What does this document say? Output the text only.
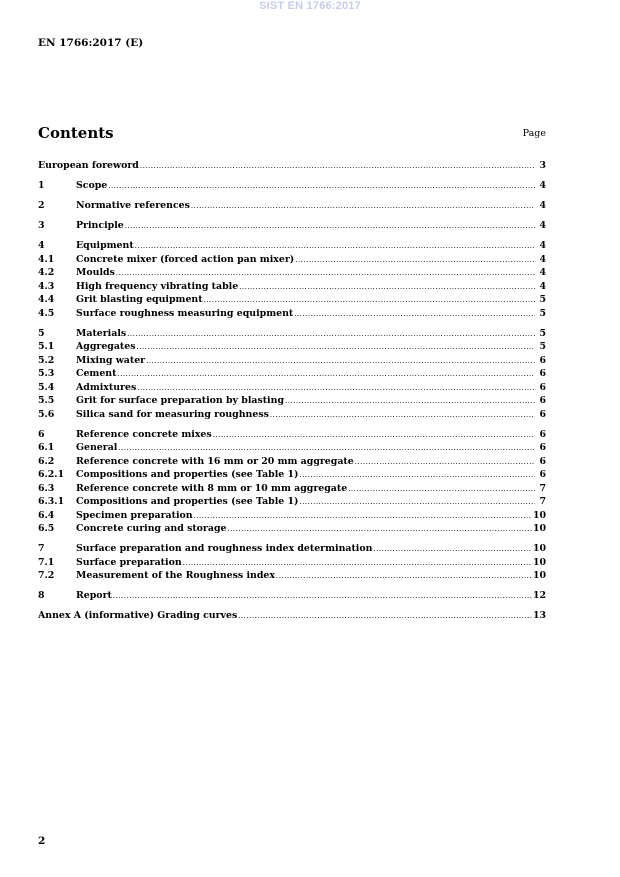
SIST EN 1766:2017
EN 1766:2017 (E)
Contents	Page
European foreword .....	3
1	Scope .....	4
2	Normative references .....	4
3	Principle .....	4
4	Equipment .....	4
4.1	Concrete mixer (forced action pan mixer) .....	4
4.2	Moulds .....	4
4.3	High frequency vibrating table .....	4
4.4	Grit blasting equipment .....	5
4.5	Surface roughness measuring equipment .....	5
5	Materials .....	5
5.1	Aggregates .....	5
5.2	Mixing water .....	6
5.3	Cement .....	6
5.4	Admixtures .....	6
5.5	Grit for surface preparation by blasting .....	6
5.6	Silica sand for measuring roughness .....	6
6	Reference concrete mixes .....	6
6.1	General .....	6
6.2	Reference concrete with 16 mm or 20 mm aggregate .....	6
6.2.1	Compositions and properties (see Table 1) .....	6
6.3	Reference concrete with 8 mm or 10 mm aggregate .....	7
6.3.1	Compositions and properties (see Table 1) .....	7
6.4	Specimen preparation .....	10
6.5	Concrete curing and storage .....	10
7	Surface preparation and roughness index determination .....	10
7.1	Surface preparation .....	10
7.2	Measurement of the Roughness index .....	10
8	Report .....	12
Annex A (informative) Grading curves .....	13
2
